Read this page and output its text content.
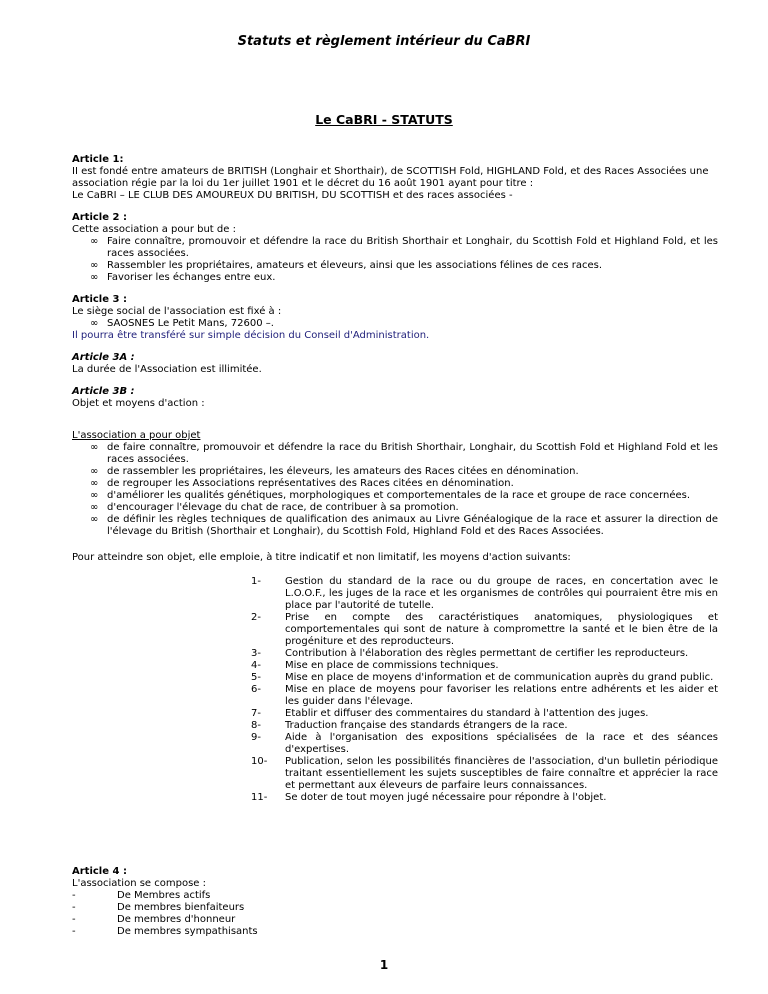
Statuts et règlement intérieur du CaBRI
Le CaBRI - STATUTS
Article 1:

II est fondé entre amateurs de BRITISH (Longhair et Shorthair), de SCOTTISH Fold, HIGHLAND Fold, et des Races Associées une association régie par la loi du 1er juillet 1901 et le décret du 16 août 1901 ayant pour titre :

Le CaBRI – LE CLUB DES AMOUREUX DU BRITISH, DU SCOTTISH et des races associées -

Article 2 :

Cette association a pour but de :

∞ Faire connaître, promouvoir et défendre la race du British Shorthair et Longhair, du Scottish Fold et Highland Fold, et les races associées.
∞ Rassembler les propriétaires, amateurs et éleveurs, ainsi que les associations félines de ces races.
∞ Favoriser les échanges entre eux.
Article 3 :

Le siège social de l'association est fixé à :

∞ SAOSNES Le Petit Mans, 72600 –.

Il pourra être transféré sur simple décision du Conseil d'Administration.

Article 3A :

La durée de l'Association est illimitée.

Article 3B :

Objet et moyens d'action :

L'association a pour objet

∞ de faire connaître, promouvoir et défendre la race du British Shorthair, Longhair, du Scottish Fold et Highland Fold et les races associées.
∞ de rassembler les propriétaires, les éleveurs, les amateurs des Races citées en dénomination.
∞ de regrouper les Associations représentatives des Races citées en dénomination.
∞ d'améliorer les qualités génétiques, morphologiques et comportementales de la race et groupe de race concernées.
∞ d'encourager l'élevage du chat de race, de contribuer à sa promotion.
∞ de définir les règles techniques de qualification des animaux au Livre Généalogique de la race et assurer la direction de l'élevage du British (Shorthair et Longhair), du Scottish Fold, Highland Fold et des Races Associées.

Pour atteindre son objet, elle emploie, à titre indicatif et non limitatif, les moyens d'action suivants:

1- Gestion du standard de la race ou du groupe de races, en concertation avec le L.O.O.F., les juges de la race et les organismes de contrôles qui pourraient être mis en place par l'autorité de tutelle.
2- Prise en compte des caractéristiques anatomiques, physiologiques et comportementales qui sont de nature à compromettre la santé et le bien être de la progéniture et des reproducteurs.
3- Contribution à l'élaboration des règles permettant de certifier les reproducteurs.
4- Mise en place de commissions techniques.
5- Mise en place de moyens d'information et de communication auprès du grand public.
6- Mise en place de moyens pour favoriser les relations entre adhérents et les aider et les guider dans l'élevage.
7- Etablir et diffuser des commentaires du standard à l'attention des juges.
8- Traduction française des standards étrangers de la race.
9- Aide à l'organisation des expositions spécialisées de la race et des séances d'expertises.
10- Publication, selon les possibilités financières de l'association, d'un bulletin périodique traitant essentiellement les sujets susceptibles de faire connaître et apprécier la race et permettant aux éleveurs de parfaire leurs connaissances.
11- Se doter de tout moyen jugé nécessaire pour répondre à l'objet.
Article 4 :

L'association se compose :

-	De Membres actifs
-	De membres bienfaiteurs
-	De membres d'honneur
-	De membres sympathisants
1
